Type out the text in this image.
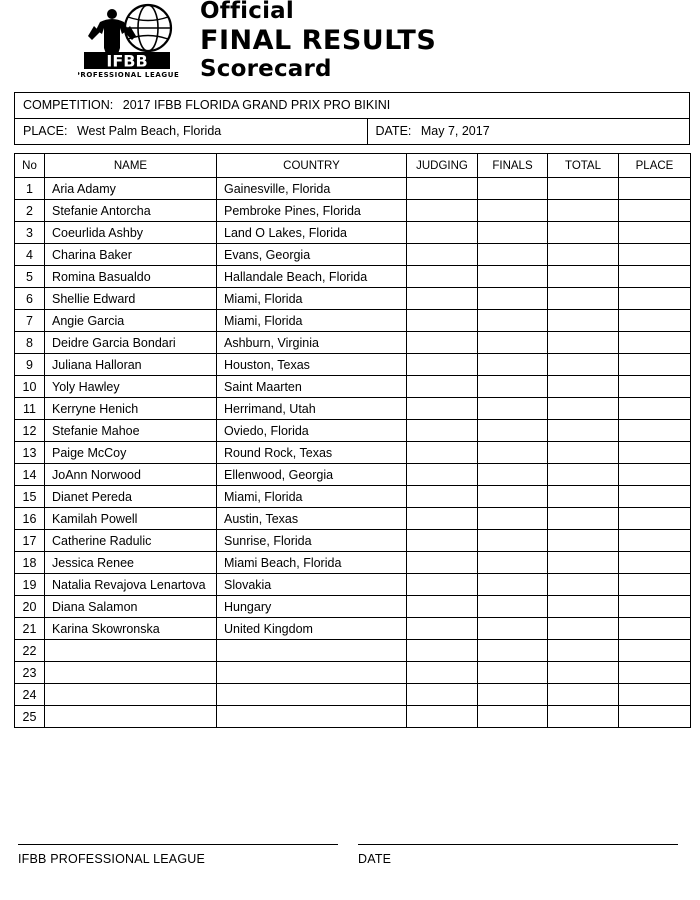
IFBB
PROFESSIONAL LEAGUE
Official
FINAL RESULTS
Scorecard
COMPETITION: 2017 IFBB FLORIDA GRAND PRIX PRO BIKINI
PLACE: West Palm Beach, Florida	DATE: May 7, 2017
No	NAME	COUNTRY	JUDGING	FINALS	TOTAL	PLACE
1	Aria Adamy	Gainesville, Florida				
2	Stefanie Antorcha	Pembroke Pines, Florida				
3	Coeurlida Ashby	Land O Lakes, Florida				
4	Charina Baker	Evans, Georgia				
5	Romina Basualdo	Hallandale Beach, Florida				
6	Shellie Edward	Miami, Florida				
7	Angie Garcia	Miami, Florida				
8	Deidre Garcia Bondari	Ashburn, Virginia				
9	Juliana Halloran	Houston, Texas				
10	Yoly Hawley	Saint Maarten				
11	Kerryne Henich	Herrimand, Utah				
12	Stefanie Mahoe	Oviedo, Florida				
13	Paige McCoy	Round Rock, Texas				
14	JoAnn Norwood	Ellenwood, Georgia				
15	Dianet Pereda	Miami, Florida				
16	Kamilah Powell	Austin, Texas				
17	Catherine Radulic	Sunrise, Florida				
18	Jessica Renee	Miami Beach, Florida				
19	Natalia Revajova Lenartova	Slovakia				
20	Diana Salamon	Hungary				
21	Karina Skowronska	United Kingdom				
22						
23						
24						
25						
IFBB PROFESSIONAL LEAGUE	DATE
